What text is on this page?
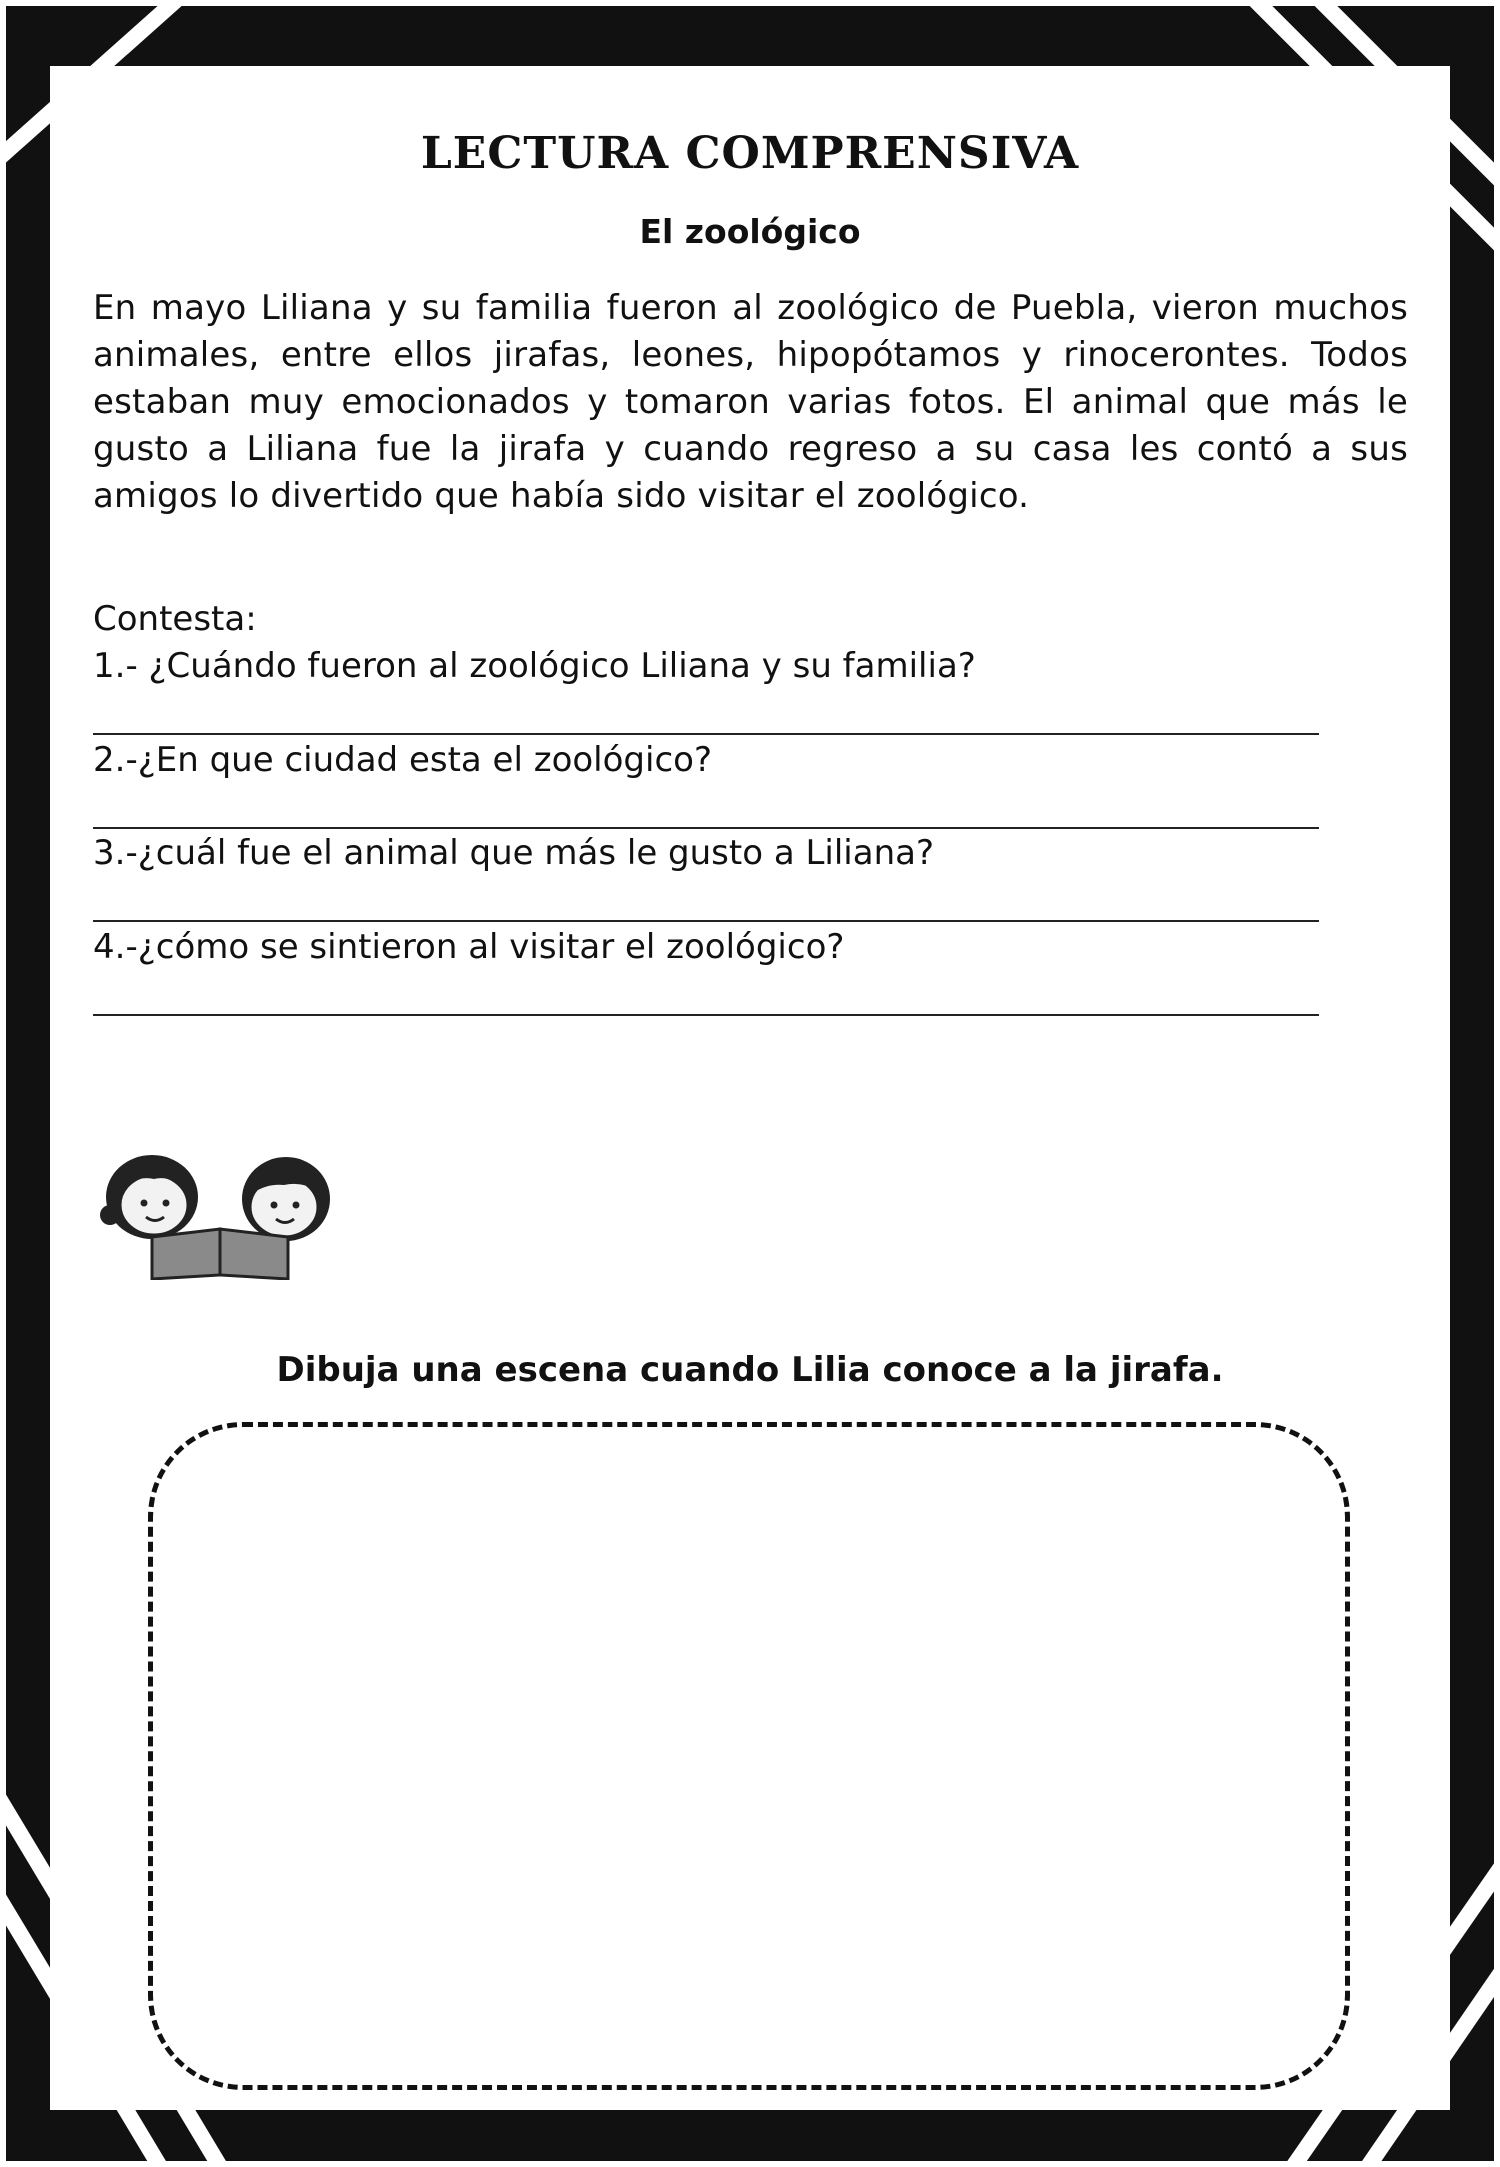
LECTURA COMPRENSIVA
El zoológico

En mayo Liliana y su familia fueron al zoológico de Puebla, vieron muchos animales, entre ellos jirafas, leones, hipopótamos y rinocerontes. Todos estaban muy emocionados y tomaron varias fotos. El animal que más le gusto a Liliana fue la jirafa y cuando regreso a su casa les contó a sus amigos lo divertido que había sido visitar el zoológico.

Contesta:
1.- ¿Cuándo fueron al zoológico Liliana y su familia?
2.-¿En que ciudad esta el zoológico?
3.-¿cuál fue el animal que más le gusto a Liliana?
4.-¿cómo se sintieron al visitar el zoológico?
Dibuja una escena cuando Lilia conoce a la jirafa.
